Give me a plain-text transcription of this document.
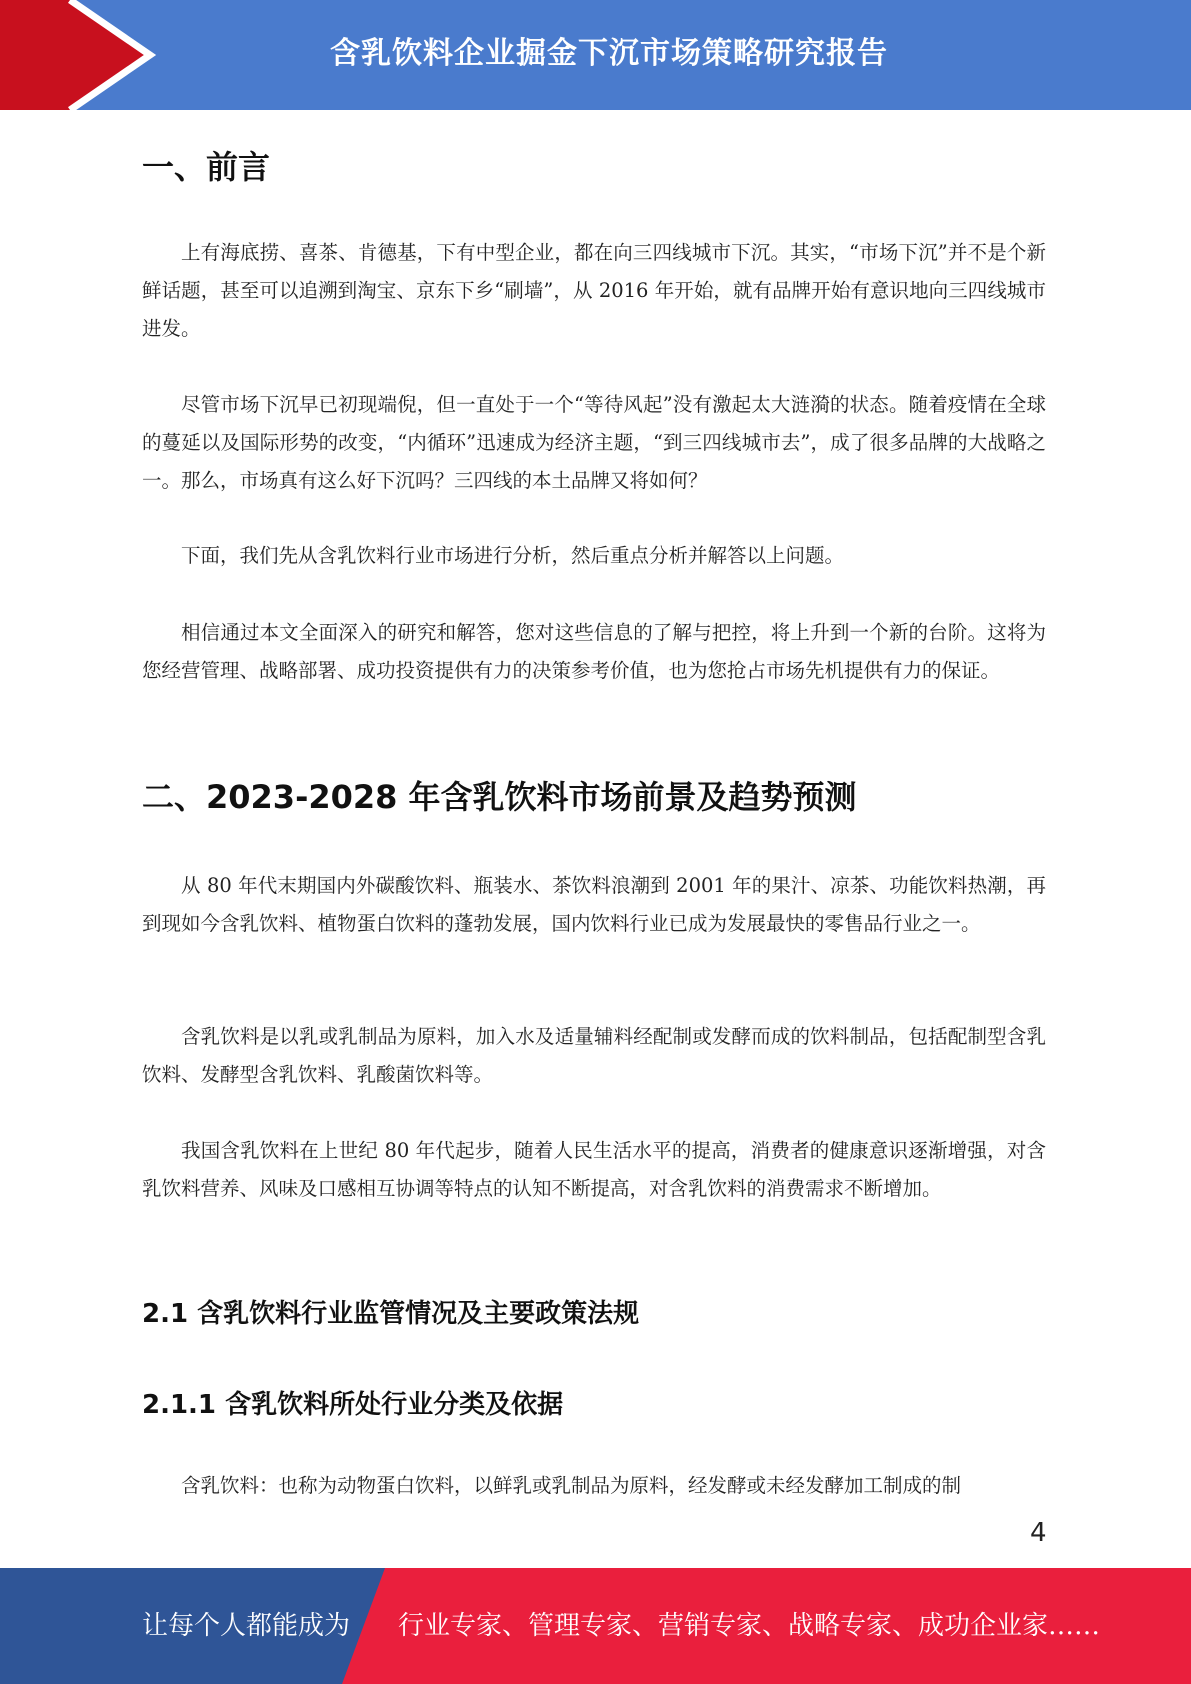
含乳饮料企业掘金下沉市场策略研究报告
一、前言

上有海底捞、喜茶、肯德基，下有中型企业，都在向三四线城市下沉。其实，“市场下沉”并不是个新鲜话题，甚至可以追溯到淘宝、京东下乡“刷墙”，从 2016 年开始，就有品牌开始有意识地向三四线城市进发。

尽管市场下沉早已初现端倪，但一直处于一个“等待风起”没有激起太大涟漪的状态。随着疫情在全球的蔓延以及国际形势的改变，“内循环”迅速成为经济主题，“到三四线城市去”，成了很多品牌的大战略之一。那么，市场真有这么好下沉吗？三四线的本土品牌又将如何？

下面，我们先从含乳饮料行业市场进行分析，然后重点分析并解答以上问题。

相信通过本文全面深入的研究和解答，您对这些信息的了解与把控，将上升到一个新的台阶。这将为您经营管理、战略部署、成功投资提供有力的决策参考价值，也为您抢占市场先机提供有力的保证。

二、2023-2028 年含乳饮料市场前景及趋势预测

从 80 年代末期国内外碳酸饮料、瓶装水、茶饮料浪潮到 2001 年的果汁、凉茶、功能饮料热潮，再到现如今含乳饮料、植物蛋白饮料的蓬勃发展，国内饮料行业已成为发展最快的零售品行业之一。

含乳饮料是以乳或乳制品为原料，加入水及适量辅料经配制或发酵而成的饮料制品，包括配制型含乳饮料、发酵型含乳饮料、乳酸菌饮料等。

我国含乳饮料在上世纪 80 年代起步，随着人民生活水平的提高，消费者的健康意识逐渐增强，对含乳饮料营养、风味及口感相互协调等特点的认知不断提高，对含乳饮料的消费需求不断增加。

2.1 含乳饮料行业监管情况及主要政策法规
2.1.1 含乳饮料所处行业分类及依据

含乳饮料：也称为动物蛋白饮料，以鲜乳或乳制品为原料，经发酵或未经发酵加工制成的制

4
让每个人都能成为 行业专家、管理专家、营销专家、战略专家、成功企业家……
